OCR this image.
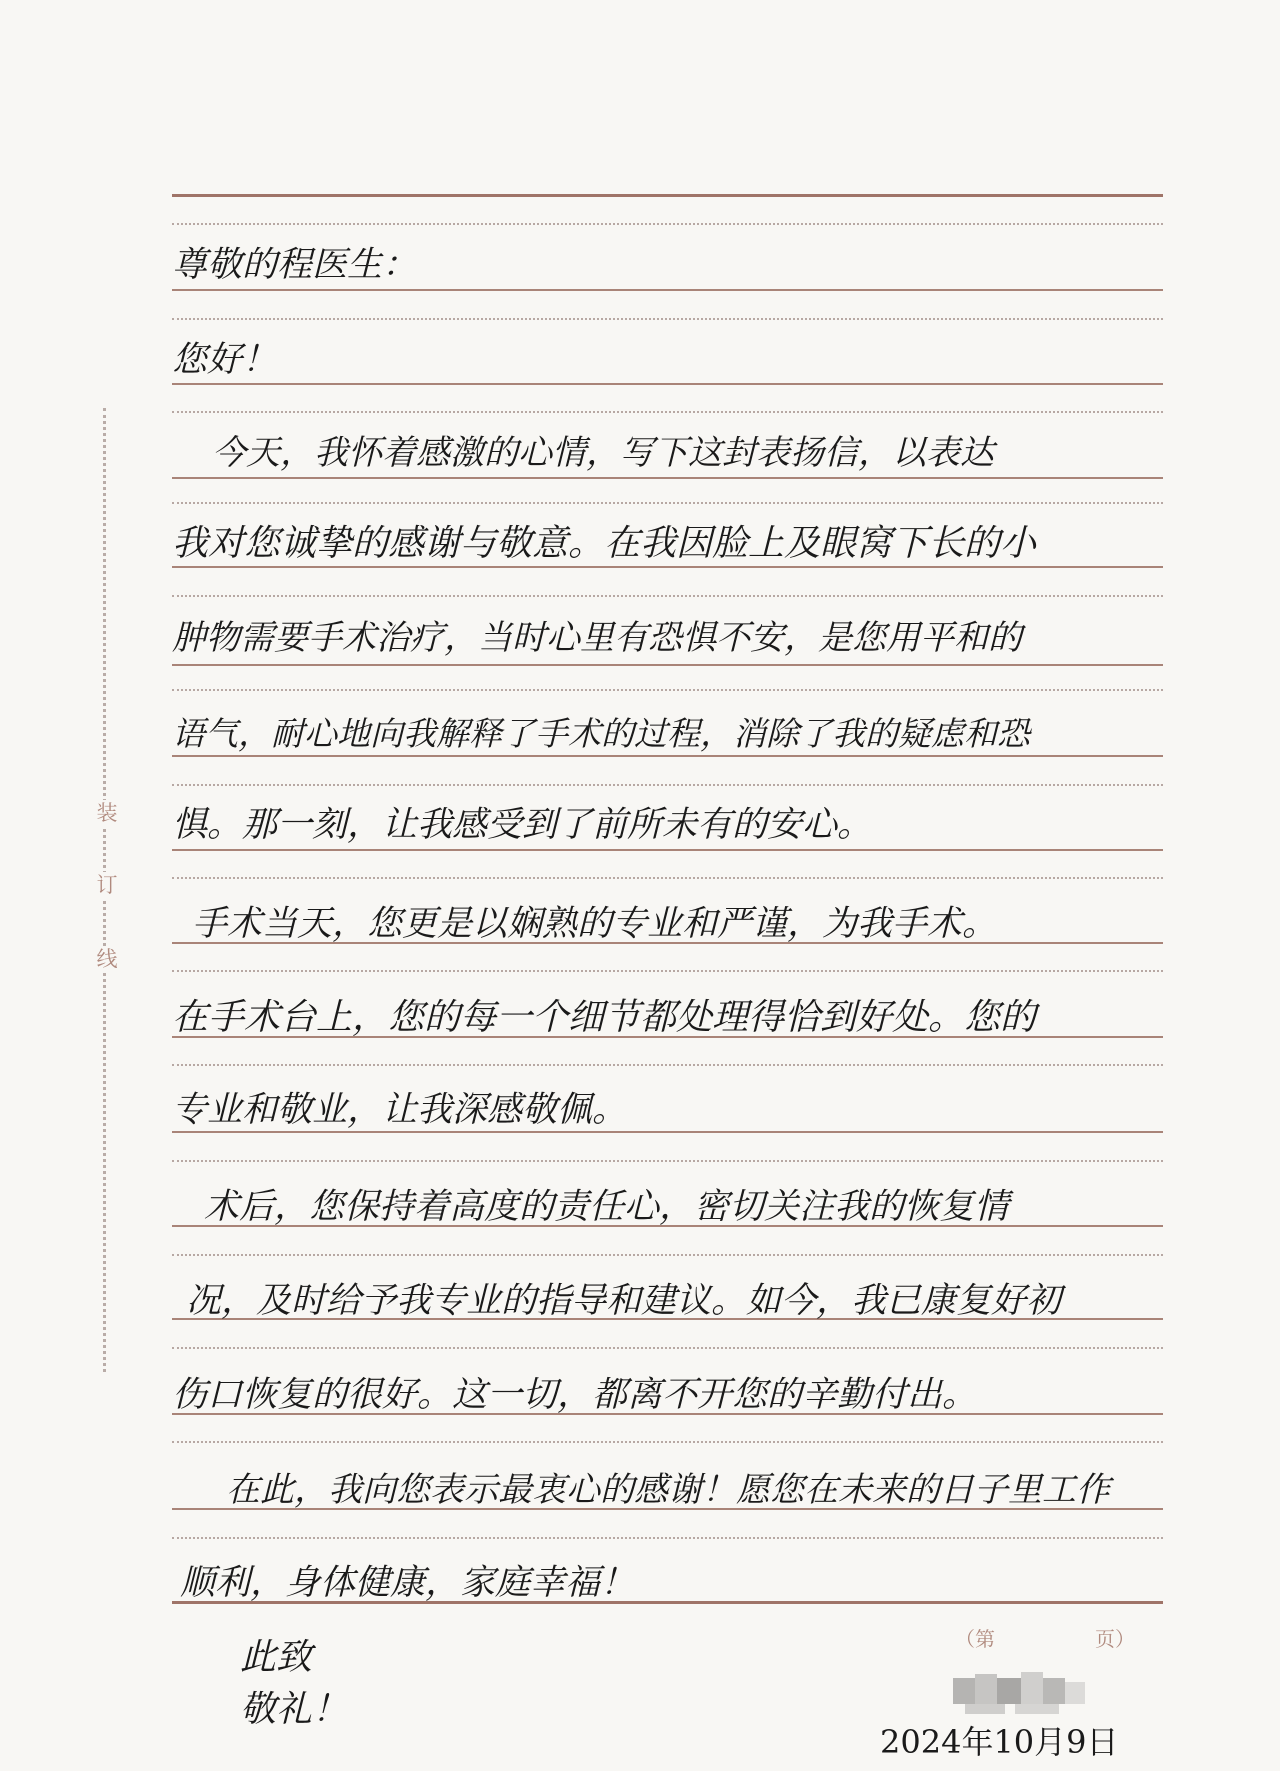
装
订
线
尊敬的程医生：
您好！
今天，我怀着感激的心情，写下这封表扬信，以表达
我对您诚挚的感谢与敬意。在我因脸上及眼窝下长的小
肿物需要手术治疗，当时心里有恐惧不安，是您用平和的
语气，耐心地向我解释了手术的过程，消除了我的疑虑和恐
惧。那一刻，让我感受到了前所未有的安心。
手术当天，您更是以娴熟的专业和严谨，为我手术。
在手术台上，您的每一个细节都处理得恰到好处。您的
专业和敬业，让我深感敬佩。
术后，您保持着高度的责任心，密切关注我的恢复情
况，及时给予我专业的指导和建议。如今，我已康复好初
伤口恢复的很好。这一切，都离不开您的辛勤付出。
在此，我向您表示最衷心的感谢！愿您在未来的日子里工作
顺利，身体健康，家庭幸福！
此致
敬礼！
（第	页）
2024年10月9日
